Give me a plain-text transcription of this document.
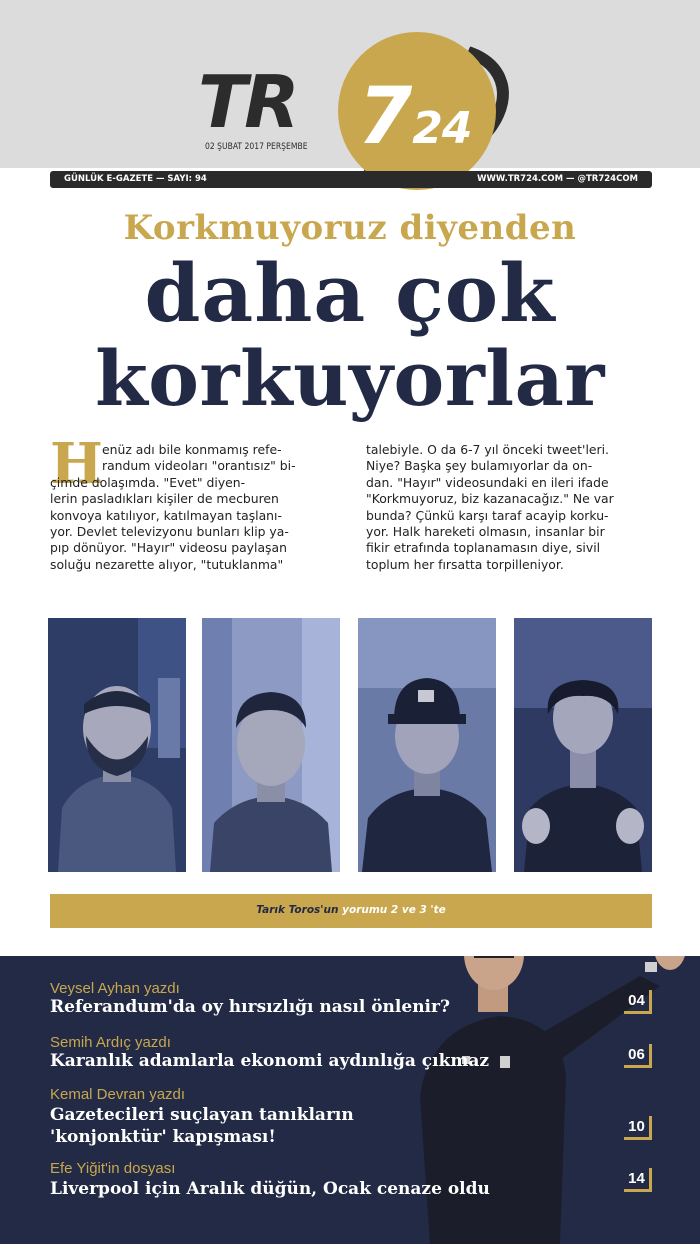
TR 724
02 ŞUBAT 2017 PERŞEMBE
GÜNLÜK E-GAZETE — SAYI: 94	WWW.TR724.COM — @TR724COM
Korkmuyoruz diyenden
daha çok
korkuyorlar
H enüz adı bile konmamış refe-
randum videoları "orantısız" bi-
çimde dolaşımda. "Evet" diyen-
lerin pasladıkları kişiler de mecburen
konvoya katılıyor, katılmayan taşlanı-
yor. Devlet televizyonu bunları klip ya-
pıp dönüyor. "Hayır" videosu paylaşan
soluğu nezarette alıyor, "tutuklanma"
talebiyle. O da 6-7 yıl önceki tweet'leri.
Niye? Başka şey bulamıyorlar da on-
dan. "Hayır" videosundaki en ileri ifade
"Korkmuyoruz, biz kazanacağız." Ne var
bunda? Çünkü karşı taraf acayip korku-
yor. Halk hareketi olmasın, insanlar bir
fikir etrafında toplanamasın diye, sivil
toplum her fırsatta torpilleniyor.
Tarık Toros'un yorumu 2 ve 3 'te
Veysel Ayhan yazdı
Referandum'da oy hırsızlığı nasıl önlenir?	04
Semih Ardıç yazdı
Karanlık adamlarla ekonomi aydınlığa çıkmaz	06
Kemal Devran yazdı
Gazetecileri suçlayan tanıkların
'konjonktür' kapışması!
10
Efe Yiğit'in dosyası
Liverpool için Aralık düğün, Ocak cenaze oldu
14
